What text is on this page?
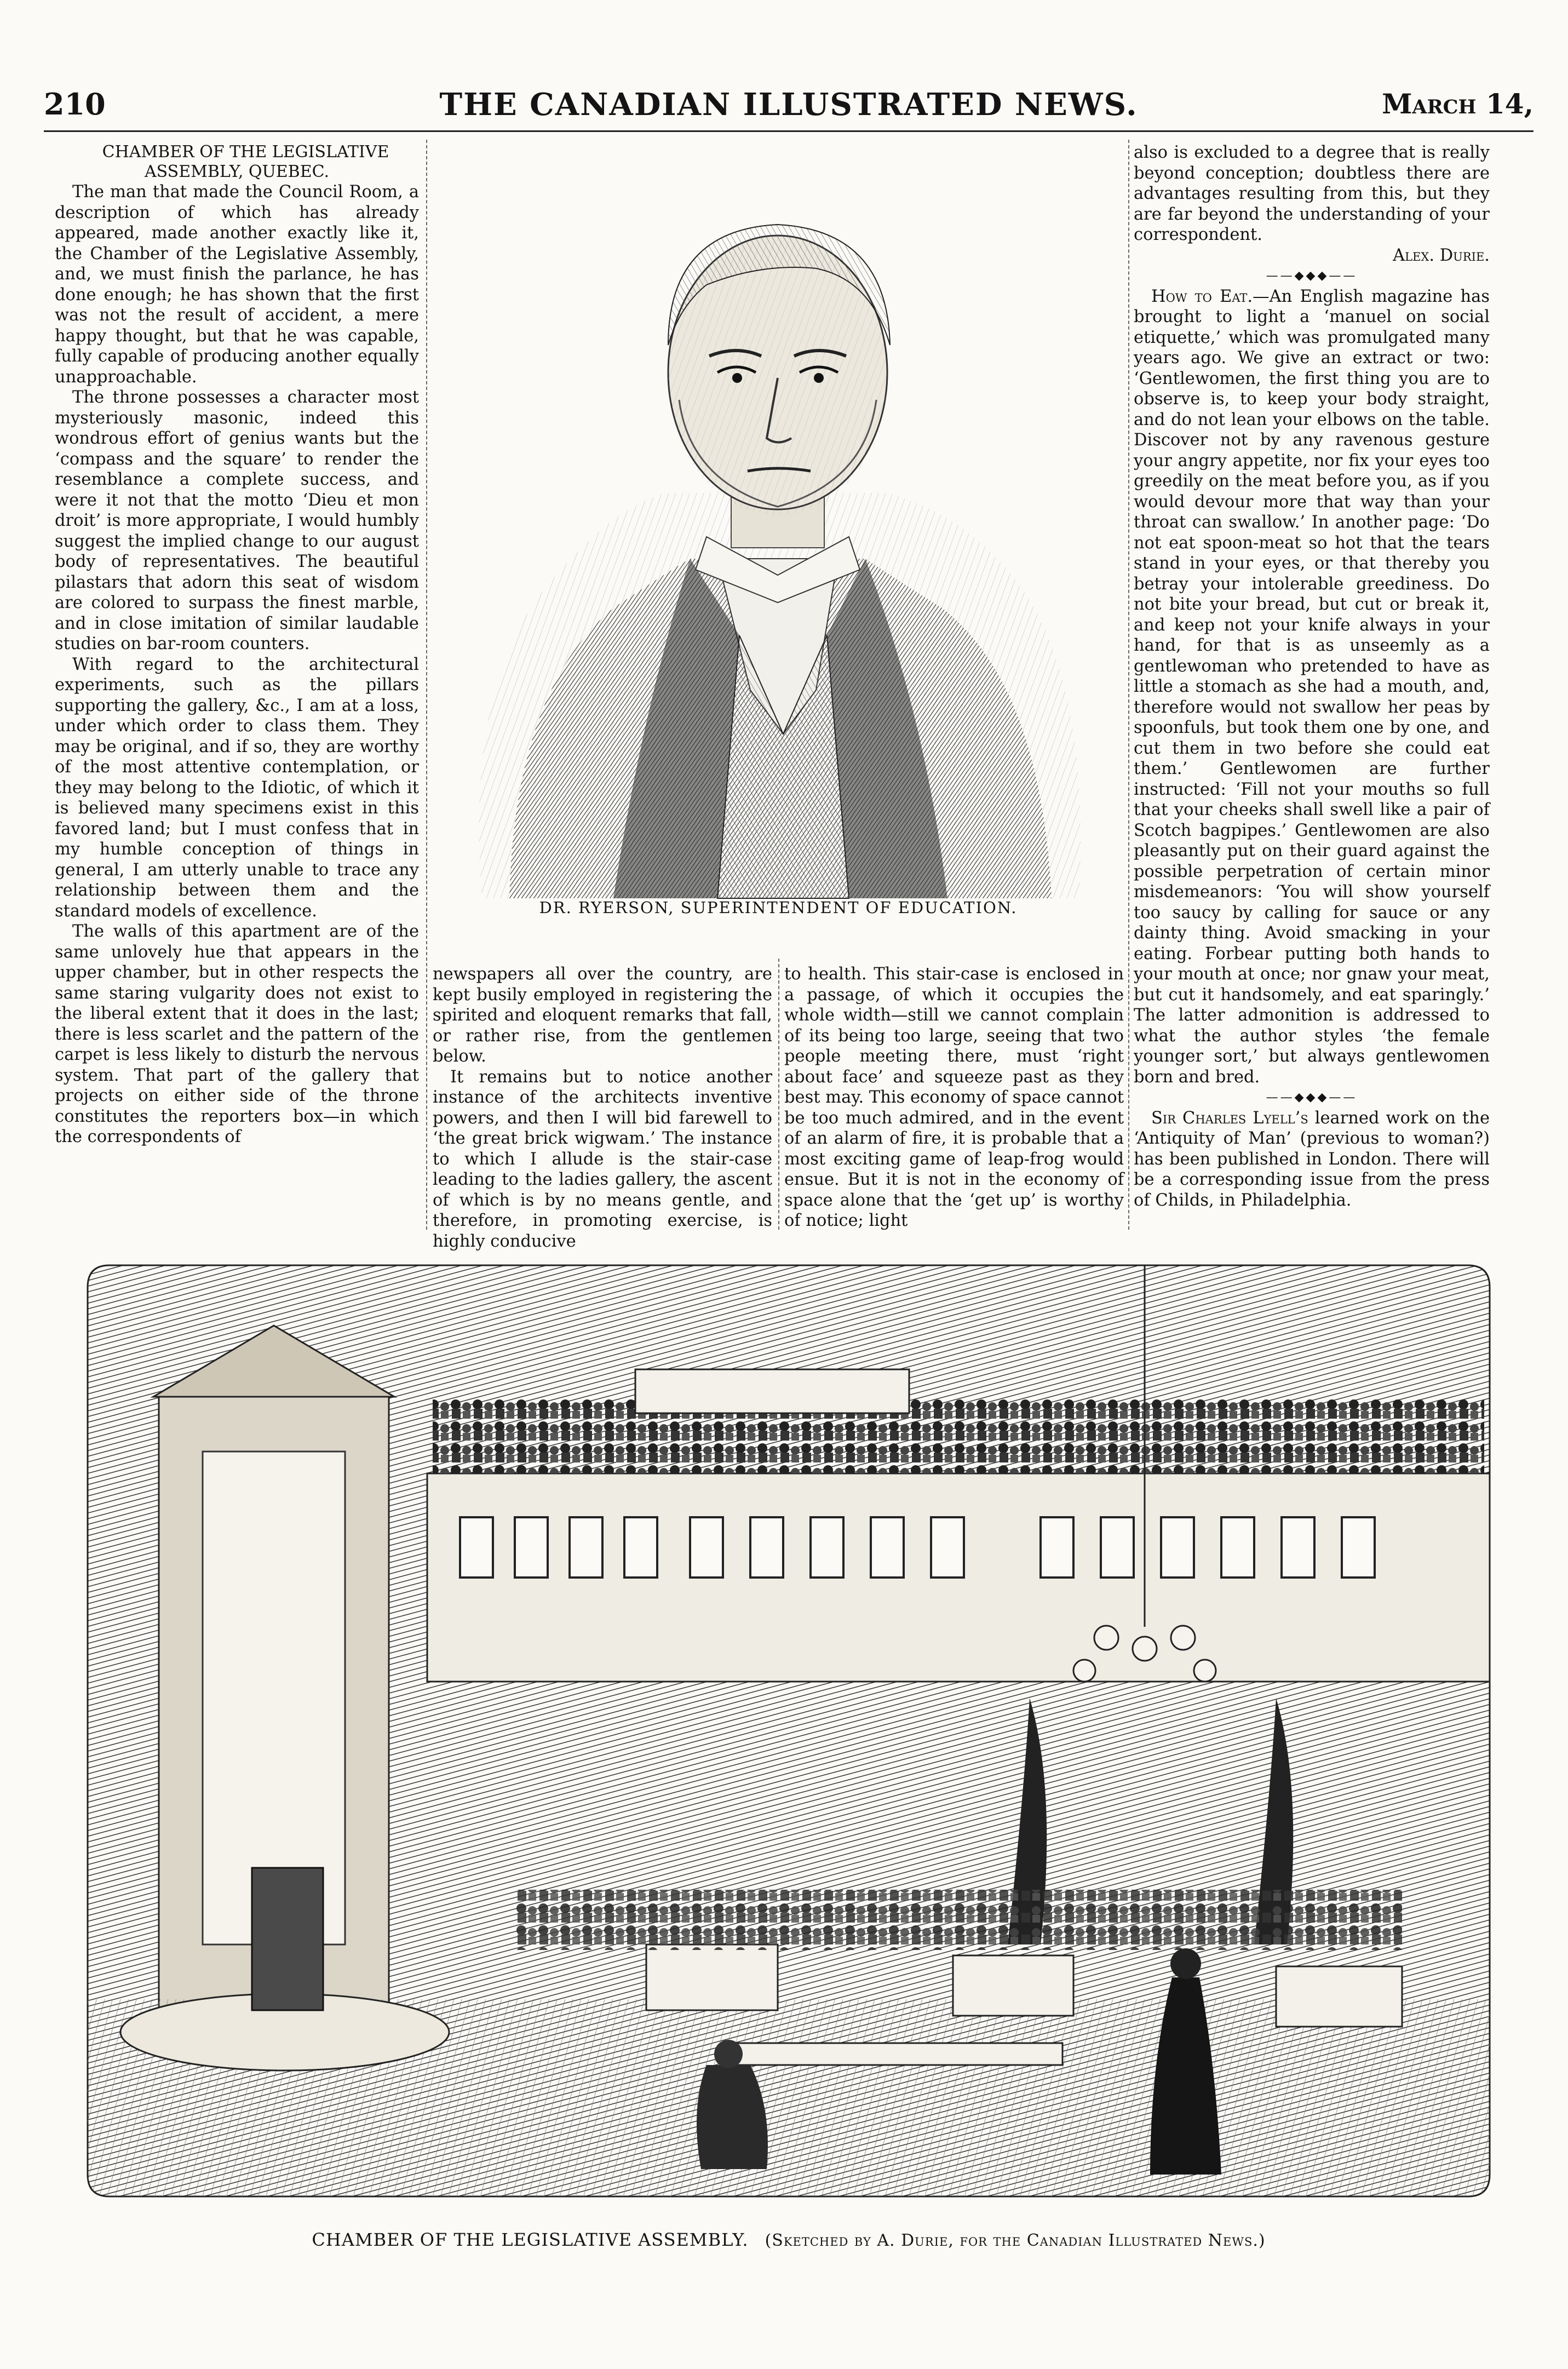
210	THE CANADIAN ILLUSTRATED NEWS.	March 14,

CHAMBER OF THE LEGISLATIVE ASSEMBLY, QUEBEC.

The man that made the Council Room, a description of which has already appeared, made another exactly like it, the Chamber of the Legislative Assembly, and, we must finish the parlance, he has done enough; he has shown that the first was not the result of accident, a mere happy thought, but that he was capable, fully capable of producing another equally unapproachable.

The throne possesses a character most mysteriously masonic, indeed this wondrous effort of genius wants but the ‘compass and the square’ to render the resemblance a complete success, and were it not that the motto ‘Dieu et mon droit’ is more appropriate, I would humbly suggest the implied change to our august body of representatives. The beautiful pilastars that adorn this seat of wisdom are colored to surpass the finest marble, and in close imitation of similar laudable studies on bar-room counters.

With regard to the architectural experiments, such as the pillars supporting the gallery, &c., I am at a loss, under which order to class them. They may be original, and if so, they are worthy of the most attentive contemplation, or they may belong to the Idiotic, of which it is believed many specimens exist in this favored land; but I must confess that in my humble conception of things in general, I am utterly unable to trace any relationship between them and the standard models of excellence.

The walls of this apartment are of the same unlovely hue that appears in the upper chamber, but in other respects the same staring vulgarity does not exist to the liberal extent that it does in the last; there is less scarlet and the pattern of the carpet is less likely to disturb the nervous system. That part of the gallery that projects on either side of the throne constitutes the reporters box—in which the correspondents of

DR. RYERSON, SUPERINTENDENT OF EDUCATION.

newspapers all over the country, are kept busily employed in registering the spirited and eloquent remarks that fall, or rather rise, from the gentlemen below.

It remains but to notice another instance of the architects inventive powers, and then I will bid farewell to ‘the great brick wigwam.’ The instance to which I allude is the stair-case leading to the ladies gallery, the ascent of which is by no means gentle, and therefore, in promoting exercise, is highly conducive

to health. This stair-case is enclosed in a passage, of which it occupies the whole width—still we cannot complain of its being too large, seeing that two people meeting there, must ‘right about face’ and squeeze past as they best may. This economy of space cannot be too much admired, and in the event of an alarm of fire, it is probable that a most exciting game of leap-frog would ensue. But it is not in the economy of space alone that the ‘get up’ is worthy of notice; light

also is excluded to a degree that is really beyond conception; doubtless there are advantages resulting from this, but they are far beyond the understanding of your correspondent.

Alex. Durie.

——◆◆◆——

How to Eat.—An English magazine has brought to light a ‘manuel on social etiquette,’ which was promulgated many years ago. We give an extract or two: ‘Gentlewomen, the first thing you are to observe is, to keep your body straight, and do not lean your elbows on the table. Discover not by any ravenous gesture your angry appetite, nor fix your eyes too greedily on the meat before you, as if you would devour more that way than your throat can swallow.’ In another page: ‘Do not eat spoon-meat so hot that the tears stand in your eyes, or that thereby you betray your intolerable greediness. Do not bite your bread, but cut or break it, and keep not your knife always in your hand, for that is as unseemly as a gentlewoman who pretended to have as little a stomach as she had a mouth, and, therefore would not swallow her peas by spoonfuls, but took them one by one, and cut them in two before she could eat them.’ Gentlewomen are further instructed: ‘Fill not your mouths so full that your cheeks shall swell like a pair of Scotch bagpipes.’ Gentlewomen are also pleasantly put on their guard against the possible perpetration of certain minor misdemeanors: ‘You will show yourself too saucy by calling for sauce or any dainty thing. Avoid smacking in your eating. Forbear putting both hands to your mouth at once; nor gnaw your meat, but cut it handsomely, and eat sparingly.’ The latter admonition is addressed to what the author styles ‘the female younger sort,’ but always gentlewomen born and bred.

——◆◆◆——

Sir Charles Lyell’s learned work on the ‘Antiquity of Man’ (previous to woman?) has been published in London. There will be a corresponding issue from the press of Childs, in Philadelphia.

CHAMBER OF THE LEGISLATIVE ASSEMBLY. (Sketched by A. Durie, for the Canadian Illustrated News.)
